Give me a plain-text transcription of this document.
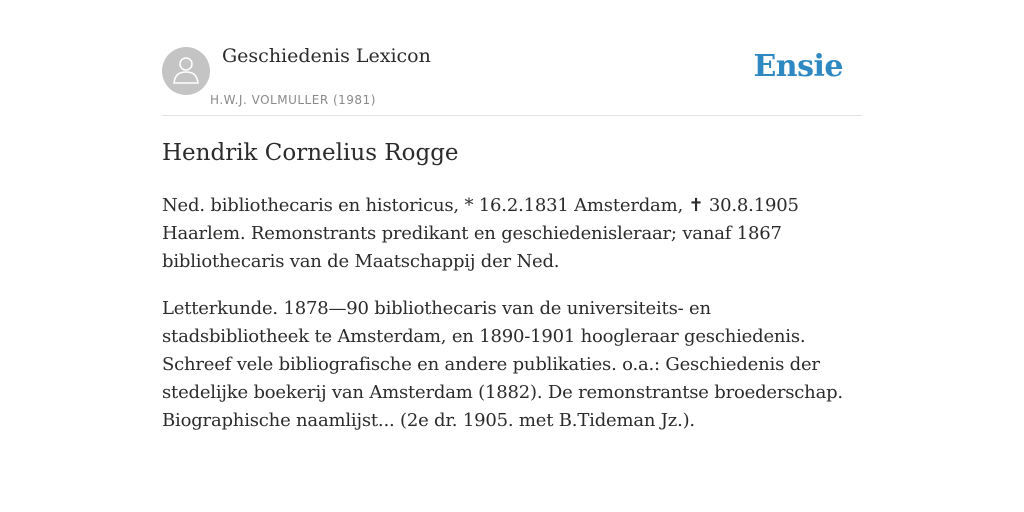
Geschiedenis Lexicon
H.W.J. VOLMULLER (1981)
Ensie
Hendrik Cornelius Rogge

Ned. bibliothecaris en historicus, * 16.2.1831 Amsterdam, ✝ 30.8.1905 Haarlem. Remonstrants predikant en geschiedenisleraar; vanaf 1867 bibliothecaris van de Maatschappij der Ned.

Letterkunde. 1878—90 bibliothecaris van de universiteits- en stadsbibliotheek te Amsterdam, en 1890-1901 hoogleraar geschiedenis. Schreef vele bibliografische en andere publikaties. o.a.: Geschiedenis der stedelijke boekerij van Amsterdam (1882). De remonstrantse broederschap. Biographische naamlijst... (2e dr. 1905. met B.Tideman Jz.).
